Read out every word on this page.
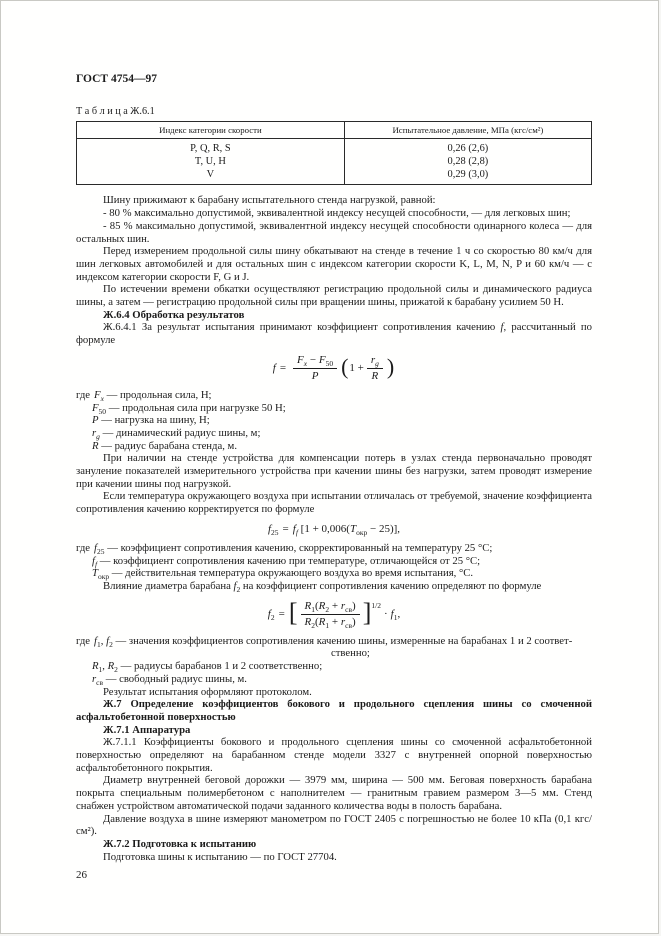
ГОСТ 4754—97
Т а б л и ц а Ж.6.1
Индекс категории скорости	Испытательное давление, МПа (кгс/см²)
P, Q, R, S	0,26 (2,6)
T, U, H	0,28 (2,8)
V	0,29 (3,0)

Шину прижимают к барабану испытательного стенда нагрузкой, равной:

- 80 % максимально допустимой, эквивалентной индексу несущей способности, — для легковых шин;

- 85 % максимально допустимой, эквивалентной индексу несущей способности одинарного колеса — для остальных шин.

Перед измерением продольной силы шину обкатывают на стенде в течение 1 ч со скоростью 80 км/ч для шин легковых автомобилей и для остальных шин с индексом категории скорости K, L, M, N, P и 60 км/ч — с индексом категории скорости F, G и J.

По истечении времени обкатки осуществляют регистрацию продольной силы и динамического радиуса шины, а затем — регистрацию продольной силы при вращении шины, прижатой к барабану усилием 50 Н.

Ж.6.4 Обработка результатов

Ж.6.4.1 За результат испытания принимают коэффициент сопротивления качению f, рассчитанный по формуле

$f = \frac{F_x - F_{50}}{P} (1 + \frac{r_g}{R}$ )
где $F_x$ — продольная сила, Н;
$F_{50}$ — продольная сила при нагрузке 50 Н;
P — нагрузка на шину, Н;
$r_g$ — динамический радиус шины, м;
R — радиус барабана стенда, м.

При наличии на стенде устройства для компенсации потерь в узлах стенда первоначально проводят зануление показателей измерительного устройства при качении шины без нагрузки, затем проводят измерение при качении шины под нагрузкой.

Если температура окружающего воздуха при испытании отличалась от требуемой, значение коэффициента сопротивления качению корректируется по формуле

$f_{25} = f_f$ $[1 + 0,006(T_{окр} - 25)]$,
где $f_{25}$ — коэффициент сопротивления качению, скорректированный на температуру 25 °С;
$f_f$ — коэффициент сопротивления качению при температуре, отличающейся от 25 °С;
$T_{окр}$ — действительная температура окружающего воздуха во время испытания, °С.

Влияние диаметра барабана $f_2$ на коэффициент сопротивления качению определяют по формуле

$f_2$ = [ $\frac{R_1(R_2 + r_{св})}{R_2(R_1 + r_{св})} ]^{1/2}\cdot f_1$,
где $f_1$, $f_2$ — значения коэффициентов сопротивления качению шины, измеренные на барабанах 1 и 2 соответ-
ственно;
$R_1$, $R_2$ — радиусы барабанов 1 и 2 соответственно;
$r_{св}$ — свободный радиус шины, м.

Результат испытания оформляют протоколом.

Ж.7 Определение коэффициентов бокового и продольного сцепления шины со смоченной асфальтобетонной поверхностью

Ж.7.1 Аппаратура

Ж.7.1.1 Коэффициенты бокового и продольного сцепления шины со смоченной асфальтобетонной поверхностью определяют на барабанном стенде модели 3327 с внутренней опорной поверхностью асфальтобетонного покрытия.

Диаметр внутренней беговой дорожки — 3979 мм, ширина — 500 мм. Беговая поверхность барабана покрыта специальным полимербетоном с наполнителем — гранитным гравием размером 3—5 мм. Стенд снабжен устройством автоматической подачи заданного количества воды в полость барабана.

Давление воздуха в шине измеряют манометром по ГОСТ 2405 с погрешностью не более 10 кПа (0,1 кгс/см²).

Ж.7.2 Подготовка к испытанию

Подготовка шины к испытанию — по ГОСТ 27704.

26
